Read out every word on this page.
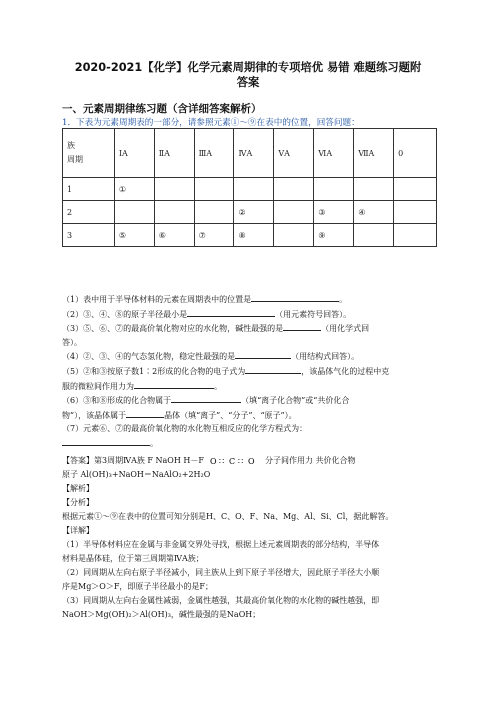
2020-2021【化学】化学元素周期律的专项培优 易错 难题练习题附
答案
一、元素周期律练习题（含详细答案解析）
1．下表为元素周期表的一部分，请参照元素①～⑨在表中的位置，回答问题：
族
周期	ⅠA	ⅡA	ⅢA	ⅣA	ⅤA	ⅥA	ⅦA	0
1	①							
2				②		③	④	
3	⑤	⑥	⑦	⑧		⑨		

（1）表中用于半导体材料的元素在周期表中的位置是	。

（2）③、④、⑧的原子半径最小是	（用元素符号回答）。

（3）⑤、⑥、⑦的最高价氧化物对应的水化物，碱性最强的是	（用化学式回

答）。

（4）②、③、④的气态氢化物，稳定性最强的是	（用结构式回答）。

（5）②和③按原子数1∶2形成的化合物的电子式为	，该晶体气化的过程中克

服的微粒间作用力为	。

（6）③和⑧形成的化合物属于	（填“离子化合物”或“共价化合

物”），该晶体属于	晶体（填“离子”、“分子”、“原子”）。

（7）元素⑥、⑦的最高价氧化物的水化物互相反应的化学方程式为：

。

【答案】第3周期ⅣA族 F NaOH H－F O ∷ C ∷ O 分子间作用力 共价化合物

原子 Al(OH)₃+NaOH＝NaAlO₂+2H₂O

【解析】

【分析】

根据元素①～⑨在表中的位置可知分别是H、C、O、F、Na、Mg、Al、Si、Cl，据此解答。

【详解】

（1）半导体材料应在金属与非金属交界处寻找，根据上述元素周期表的部分结构，半导体

材料是晶体硅，位于第三周期第ⅣA族；

（2）同周期从左向右原子半径减小，同主族从上到下原子半径增大，因此原子半径大小顺

序是Mg＞O＞F，即原子半径最小的是F；

（3）同周期从左向右金属性减弱，金属性越强，其最高价氧化物的水化物的碱性越强，即

NaOH＞Mg(OH)₂＞Al(OH)₃，碱性最强的是NaOH；
